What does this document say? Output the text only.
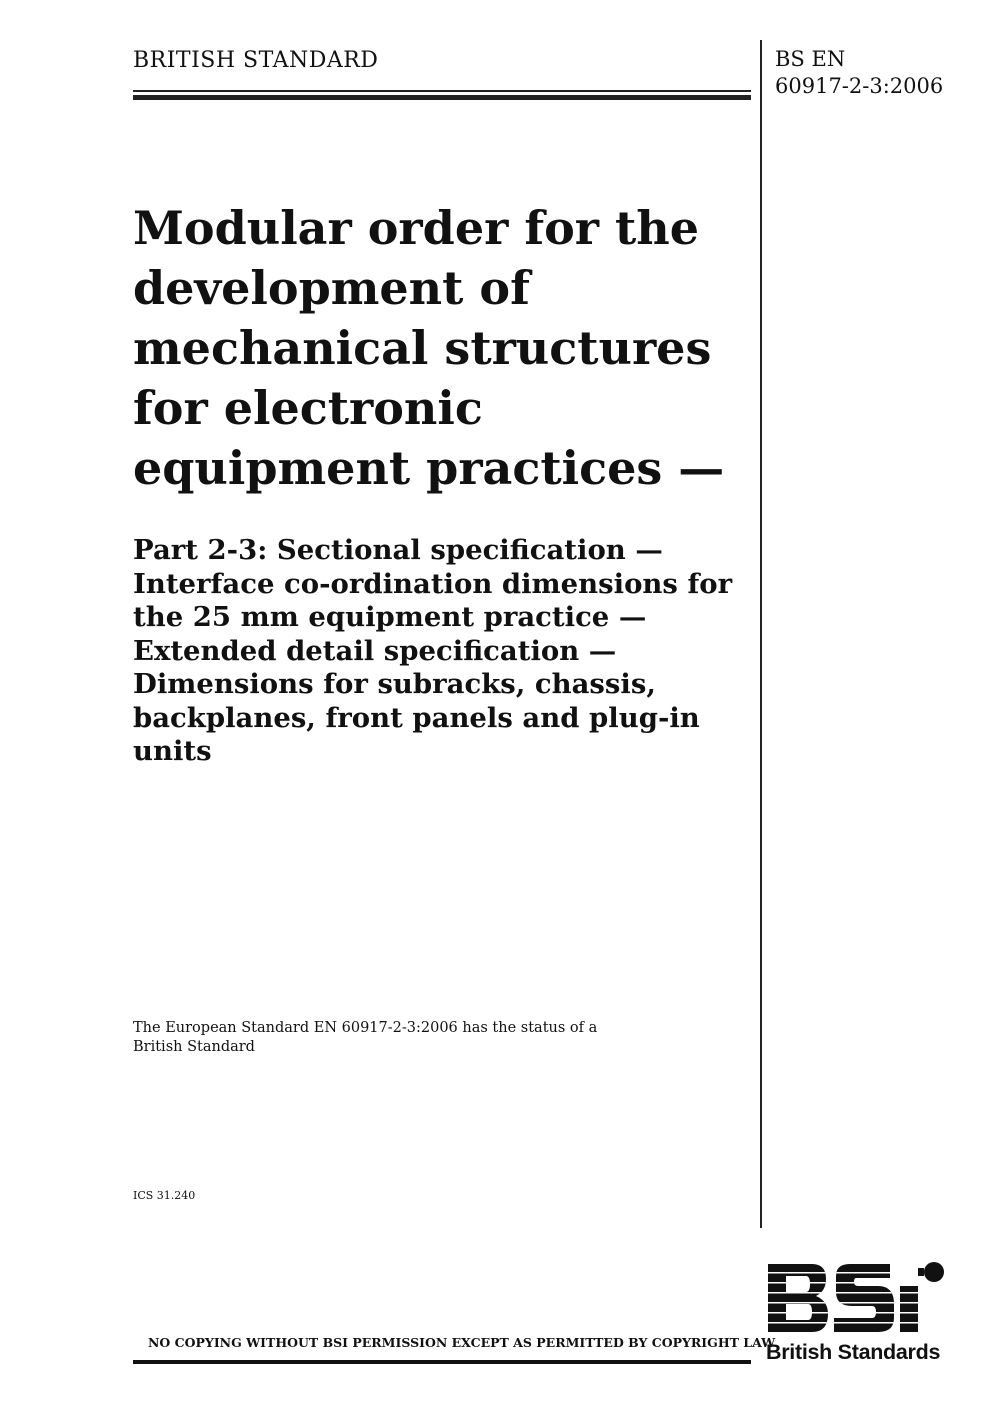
BRITISH STANDARD	BS EN
60917-2-3:2006
Modular order for the
development of
mechanical structures
for electronic
equipment practices —
Part 2-3: Sectional specification —
Interface co-ordination dimensions for
the 25 mm equipment practice —
Extended detail specification —
Dimensions for subracks, chassis,
backplanes, front panels and plug-in
units
The European Standard EN 60917-2-3:2006 has the status of a
British Standard
ICS 31.240
NO COPYING WITHOUT BSI PERMISSION EXCEPT AS PERMITTED BY COPYRIGHT LAW
British Standards
